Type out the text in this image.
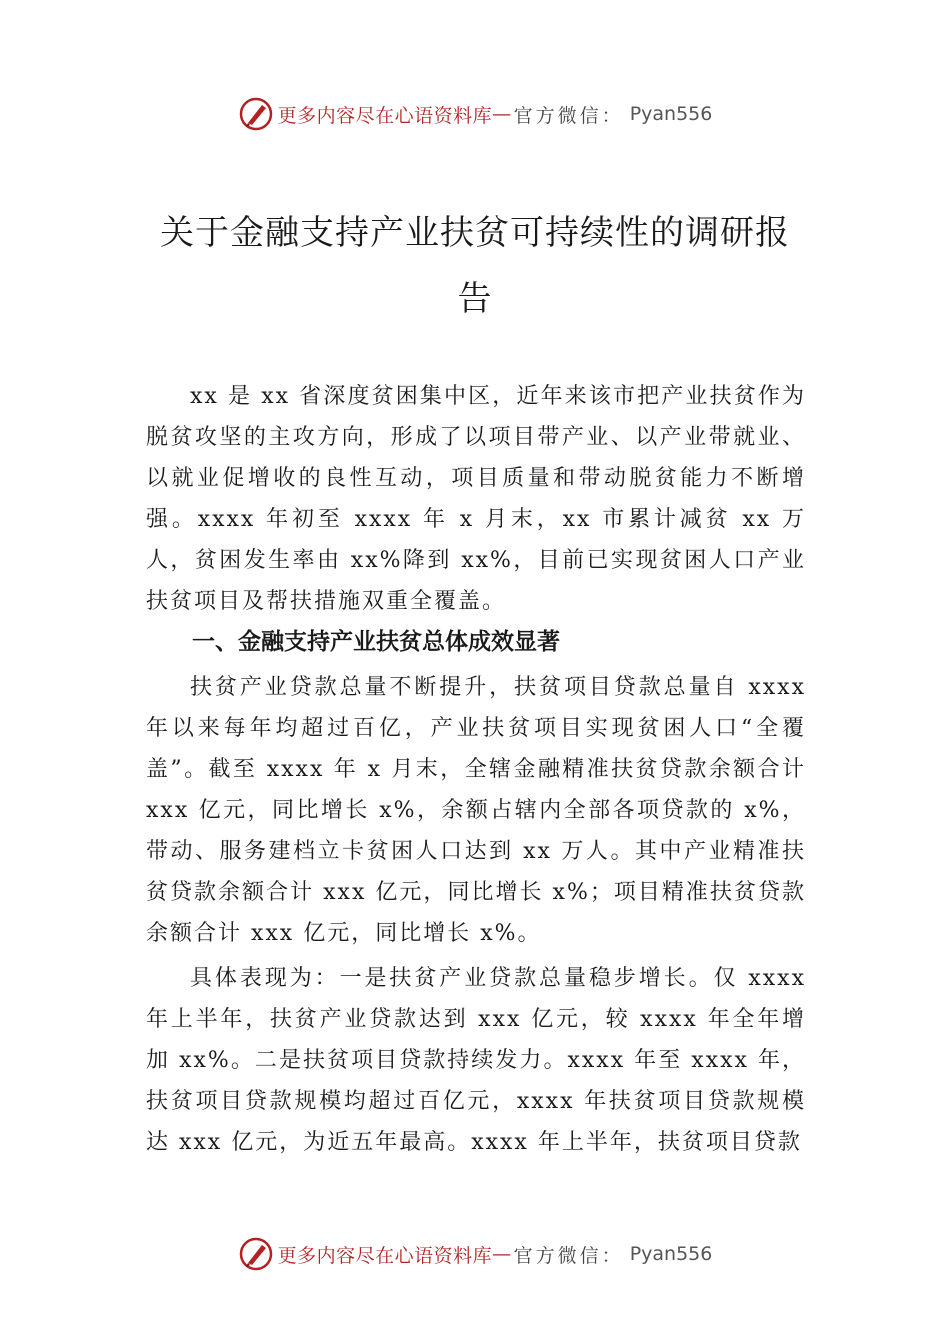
更多内容尽在心语资料库 — 官方微信： Pyan556
关于金融支持产业扶贫可持续性的调研报告

xx 是 xx 省深度贫困集中区，近年来该市把产业扶贫作为脱贫攻坚的主攻方向，形成了以项目带产业、以产业带就业、以就业促增收的良性互动，项目质量和带动脱贫能力不断增强。xxxx 年初至 xxxx 年 x 月末，xx 市累计减贫 xx 万人，贫困发生率由 xx%降到 xx%，目前已实现贫困人口产业扶贫项目及帮扶措施双重全覆盖。

一、金融支持产业扶贫总体成效显著

扶贫产业贷款总量不断提升，扶贫项目贷款总量自 xxxx 年以来每年均超过百亿，产业扶贫项目实现贫困人口“全覆盖”。截至 xxxx 年 x 月末，全辖金融精准扶贫贷款余额合计 xxx 亿元，同比增长 x%，余额占辖内全部各项贷款的 x%， 带动、服务建档立卡贫困人口达到 xx 万人。其中产业精准扶贫贷款余额合计 xxx 亿元，同比增长 x%；项目精准扶贫贷款余额合计 xxx 亿元，同比增长 x%。

具体表现为：一是扶贫产业贷款总量稳步增长。仅 xxxx 年上半年，扶贫产业贷款达到 xxx 亿元，较 xxxx 年全年增加 xx%。二是扶贫项目贷款持续发力。xxxx 年至 xxxx 年， 扶贫项目贷款规模均超过百亿元，xxxx 年扶贫项目贷款规模达 xxx 亿元，为近五年最高。xxxx 年上半年，扶贫项目贷款

更多内容尽在心语资料库 — 官方微信： Pyan556
